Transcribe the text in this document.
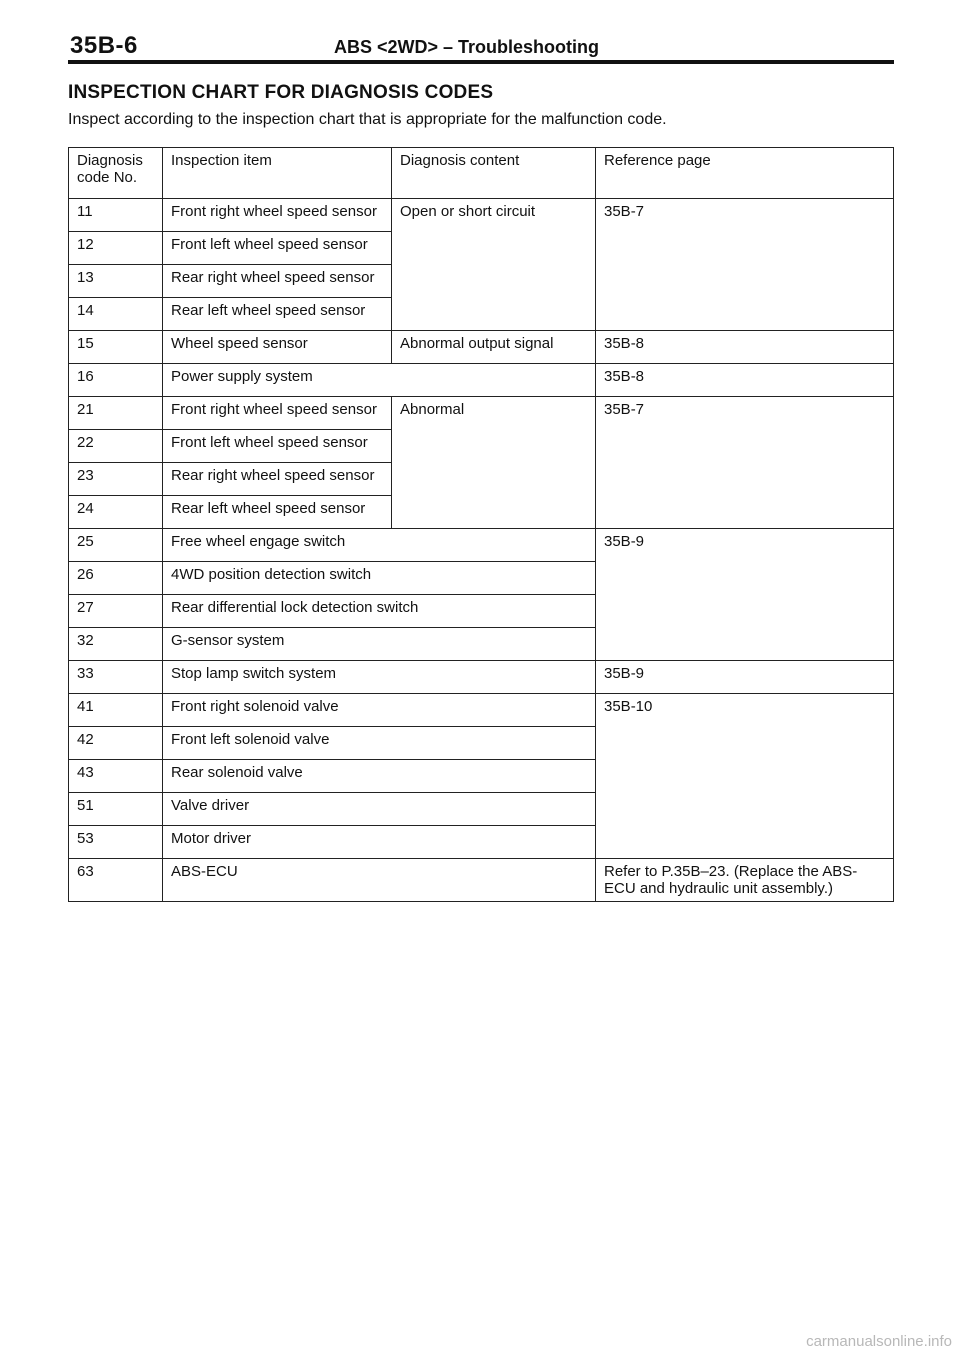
35B-6	ABS <2WD> – Troubleshooting
INSPECTION CHART FOR DIAGNOSIS CODES
Inspect according to the inspection chart that is appropriate for the malfunction code.
Diagnosis code No.	Inspection item	Diagnosis content	Reference page
11	Front right wheel speed sensor	Open or short circuit	35B-7
12	Front left wheel speed sensor		
13	Rear right wheel speed sensor		
14	Rear left wheel speed sensor		
15	Wheel speed sensor	Abnormal output signal	35B-8
16	Power supply system		35B-8
21	Front right wheel speed sensor	Abnormal	35B-7
22	Front left wheel speed sensor		
23	Rear right wheel speed sensor		
24	Rear left wheel speed sensor		
25	Free wheel engage switch		35B-9
26	4WD position detection switch		
27	Rear differential lock detection switch		
32	G-sensor system		
33	Stop lamp switch system		35B-9
41	Front right solenoid valve		35B-10
42	Front left solenoid valve		
43	Rear solenoid valve		
51	Valve driver		
53	Motor driver		
63	ABS-ECU		Refer to P.35B–23. (Replace the ABS-ECU and hydraulic unit assembly.)
carmanualsonline.info
